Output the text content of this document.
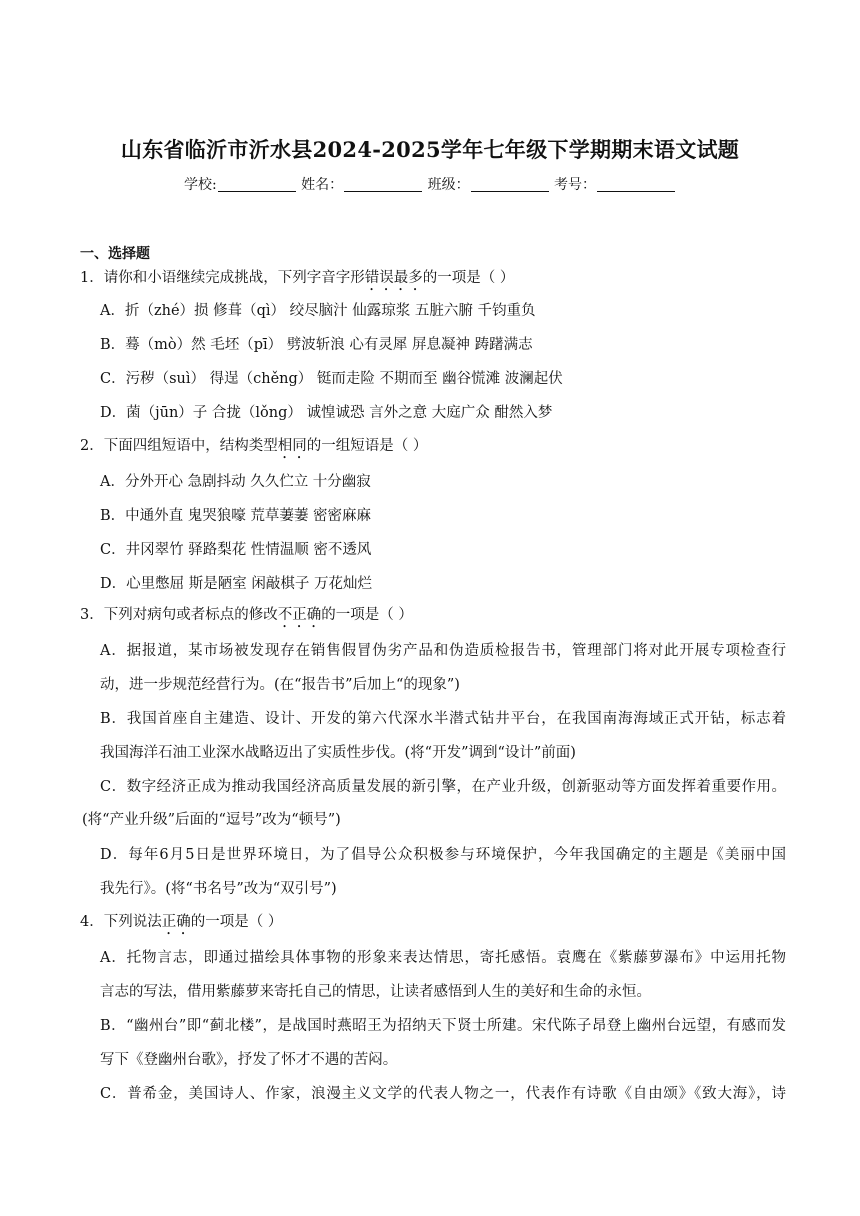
山东省临沂市沂水县2024-2025学年七年级下学期期末语文试题
学校:	姓名：	班级：	考号：
一、选择题
1．请你和小语继续完成挑战，下列字音字形错误最多的一项是（ ）
A．折（zhé）损 修葺（qì） 绞尽脑汁 仙露琼浆 五脏六腑 千钧重负
B．蓦（mò）然 毛坯（pī） 劈波斩浪 心有灵犀 屏息凝神 踌躇满志
C．污秽（suì） 得逞（chěng） 铤而走险 不期而至 幽谷慌滩 波澜起伏
D．菌（jūn）子 合拢（lǒng） 诚惶诚恐 言外之意 大庭广众 酣然入梦
2．下面四组短语中，结构类型相同的一组短语是（ ）
A．分外开心 急剧抖动 久久伫立 十分幽寂
B．中通外直 鬼哭狼嚎 荒草萋萋 密密麻麻
C．井冈翠竹 驿路梨花 性情温顺 密不透风
D．心里憋屈 斯是陋室 闲敲棋子 万花灿烂
3．下列对病句或者标点的修改不正确的一项是（ ）
A．据报道，某市场被发现存在销售假冒伪劣产品和伪造质检报告书，管理部门将对此开展专项检查行
动，进一步规范经营行为。(在“报告书”后加上“的现象”)
B．我国首座自主建造、设计、开发的第六代深水半潜式钻井平台，在我国南海海域正式开钻，标志着
我国海洋石油工业深水战略迈出了实质性步伐。(将“开发”调到“设计”前面)
C．数字经济正成为推动我国经济高质量发展的新引擎，在产业升级，创新驱动等方面发挥着重要作用。
(将“产业升级”后面的“逗号”改为“顿号”)
D．每年6月5日是世界环境日，为了倡导公众积极参与环境保护，今年我国确定的主题是《美丽中国
我先行》。(将“书名号”改为“双引号”)
4．下列说法正确的一项是（ ）
A．托物言志，即通过描绘具体事物的形象来表达情思，寄托感悟。袁鹰在《紫藤萝瀑布》中运用托物
言志的写法，借用紫藤萝来寄托自己的情思，让读者感悟到人生的美好和生命的永恒。
B．“幽州台”即“蓟北楼”，是战国时燕昭王为招纳天下贤士所建。宋代陈子昂登上幽州台远望，有感而发
写下《登幽州台歌》，抒发了怀才不遇的苦闷。
C．普希金，美国诗人、作家，浪漫主义文学的代表人物之一，代表作有诗歌《自由颂》《致大海》，诗
